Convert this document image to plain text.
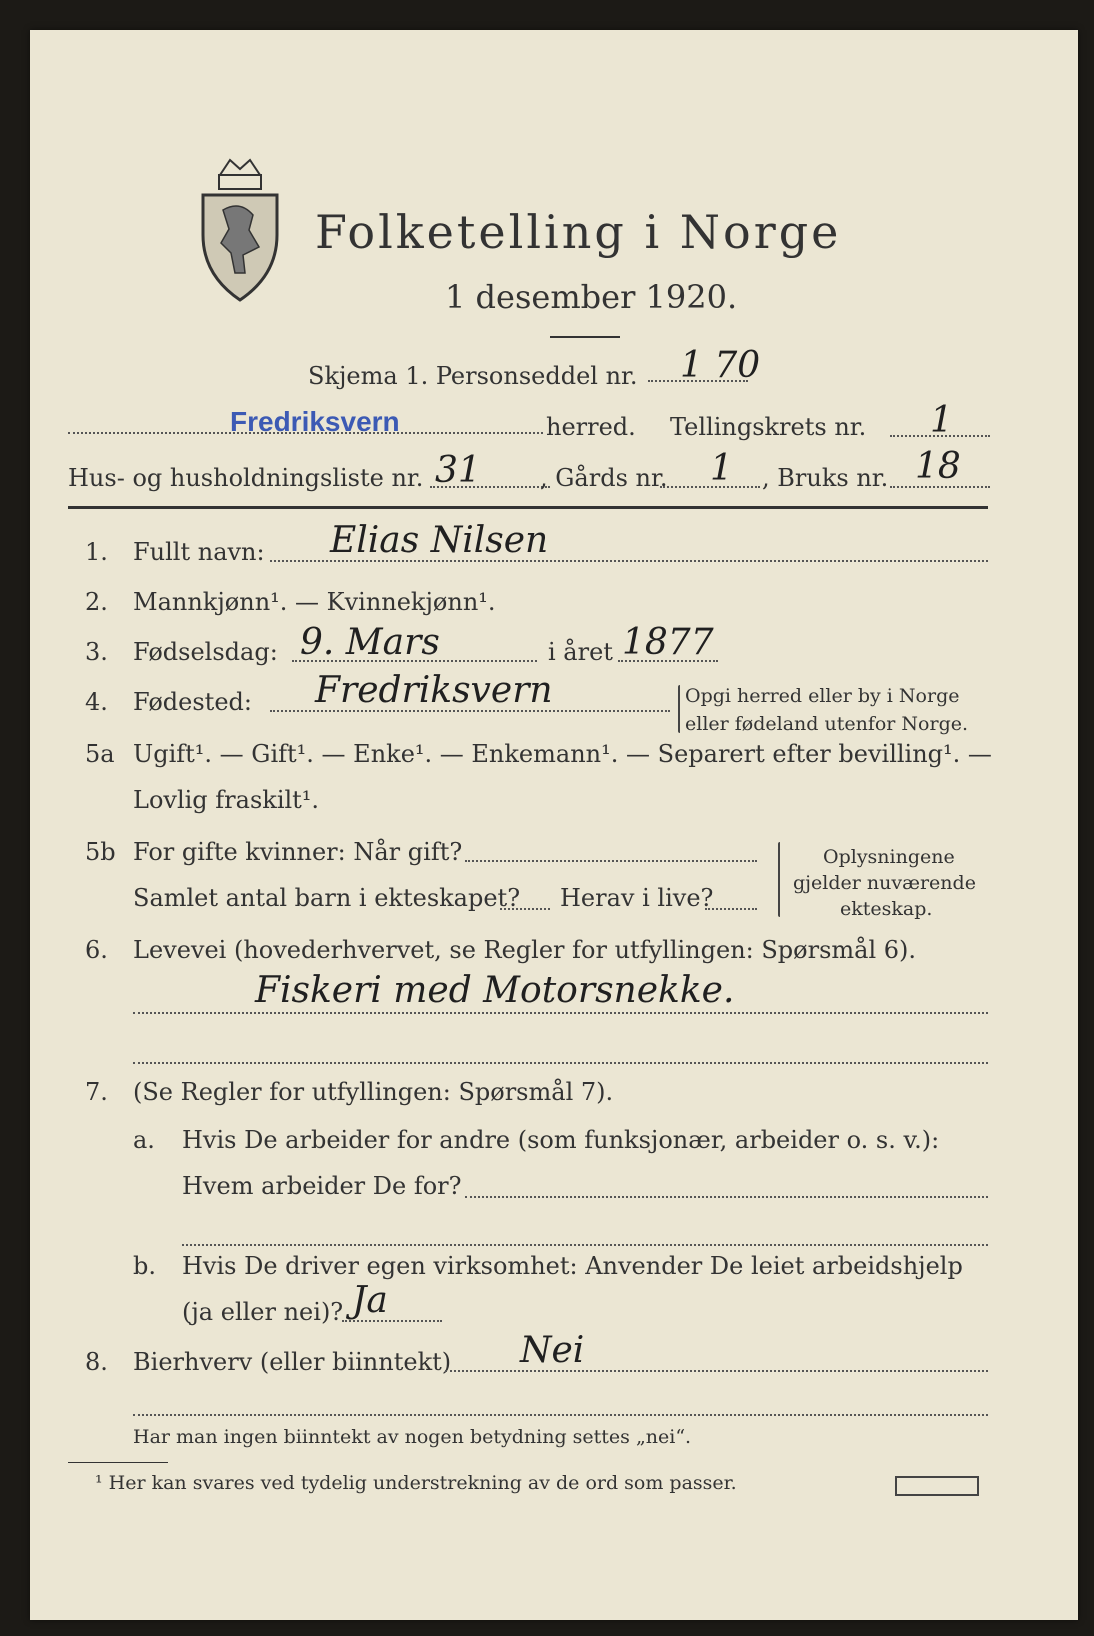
Folketelling i Norge
1 desember 1920.
Skjema 1. Personseddel nr. 1 70
Fredriksvern	herred. Tellingskrets nr. 1
Hus- og husholdningsliste nr. 31 , Gårds nr. 1 , Bruks nr. 18
1. Fullt navn: Elias Nilsen
2. Mannkjønn¹. — Kvinnekjønn¹.
3. Fødselsdag: 9. Mars	i året 1877
4. Fødested: Fredriksvern	Opgi herred eller by i Norge
eller fødeland utenfor Norge.
5a Ugift¹. — Gift¹. — Enke¹. — Enkemann¹. — Separert efter bevilling¹. —
Lovlig fraskilt¹.
5b For gifte kvinner: Når gift?
Samlet antal barn i ekteskapet? Herav i live?
Oplysningene
gjelder nuværende
ekteskap.
6. Levevei (hovederhvervet, se Regler for utfyllingen: Spørsmål 6).
Fiskeri med Motorsnekke.
7. (Se Regler for utfyllingen: Spørsmål 7).
a. Hvis De arbeider for andre (som funksjonær, arbeider o. s. v.):
Hvem arbeider De for?
b. Hvis De driver egen virksomhet: Anvender De leiet arbeidshjelp
(ja eller nei)? Ja
8. Bierhverv (eller biinntekt) Nei
Har man ingen biinntekt av nogen betydning settes „nei“.
¹ Her kan svares ved tydelig understrekning av de ord som passer.
